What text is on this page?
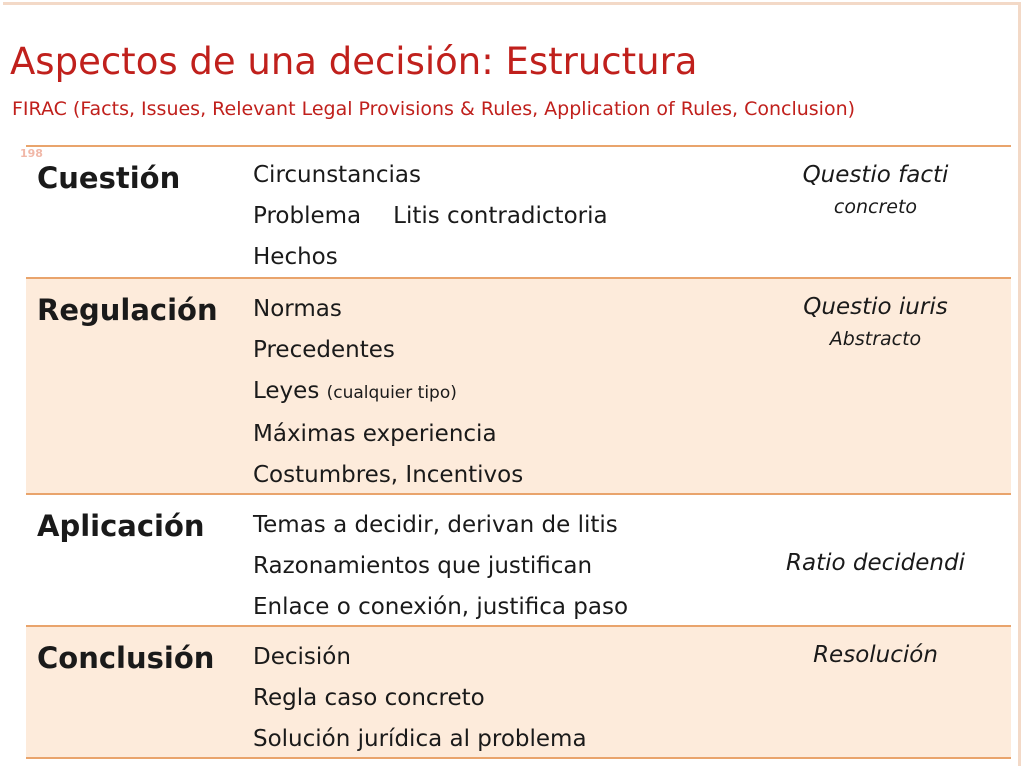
Aspectos de una decisión: Estructura
FIRAC (Facts, Issues, Relevant Legal Provisions & Rules, Application of Rules, Conclusion)
198
Cuestión	Circunstancias
Problema Litis contradictoria
Hechos
Questio facti
concreto
Regulación Normas
Precedentes
Leyes (cualquier tipo)
Máximas experiencia
Costumbres, Incentivos
Questio iuris
Abstracto
Aplicación Temas a decidir, derivan de litis
Razonamientos que justifican
Enlace o conexión, justifica paso
Ratio decidendi
Conclusión Decisión
Regla caso concreto
Solución jurídica al problema
Resolución
